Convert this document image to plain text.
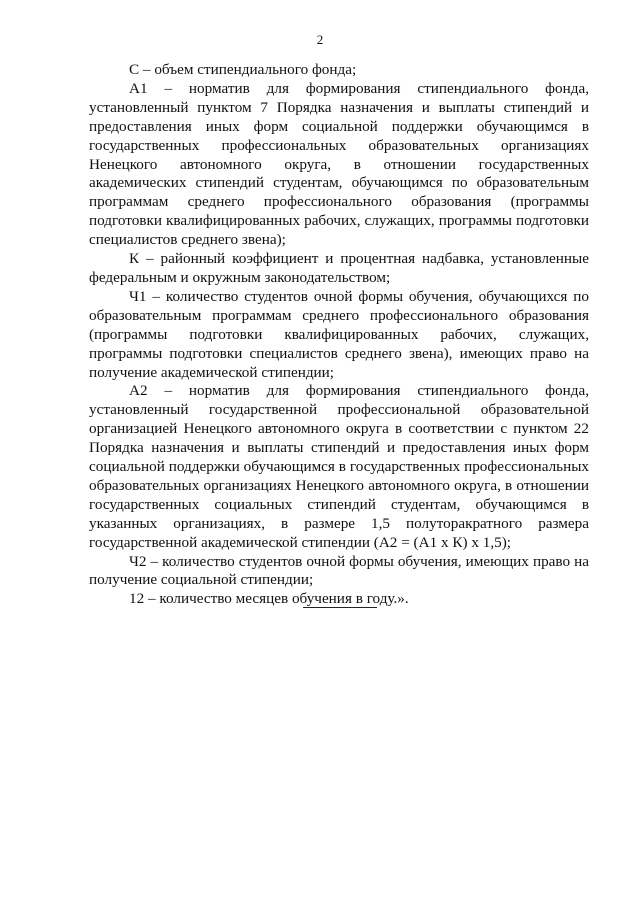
2

С – объем стипендиального фонда;

А1 – норматив для формирования стипендиального фонда, установленный пунктом 7 Порядка назначения и выплаты стипендий и предоставления иных форм социальной поддержки обучающимся в государственных профессиональных образовательных организациях Ненецкого автономного округа, в отношении государственных академических стипендий студентам, обучающимся по образовательным программам среднего профессионального образования (программы подготовки квалифицированных рабочих, служащих, программы подготовки специалистов среднего звена);

К – районный коэффициент и процентная надбавка, установленные федеральным и окружным законодательством;

Ч1 – количество студентов очной формы обучения, обучающихся по образовательным программам среднего профессионального образования (программы подготовки квалифицированных рабочих, служащих, программы подготовки специалистов среднего звена), имеющих право на получение академической стипендии;

А2 – норматив для формирования стипендиального фонда, установленный государственной профессиональной образовательной организацией Ненецкого автономного округа в соответствии с пунктом 22 Порядка назначения и выплаты стипендий и предоставления иных форм социальной поддержки обучающимся в государственных профессиональных образовательных организациях Ненецкого автономного округа, в отношении государственных социальных стипендий студентам, обучающимся в указанных организациях, в размере 1,5 полуторакратного размера государственной академической стипендии (А2 = (А1 х К) х 1,5);

Ч2 – количество студентов очной формы обучения, имеющих право на получение социальной стипендии;

12 – количество месяцев обучения в году.».
